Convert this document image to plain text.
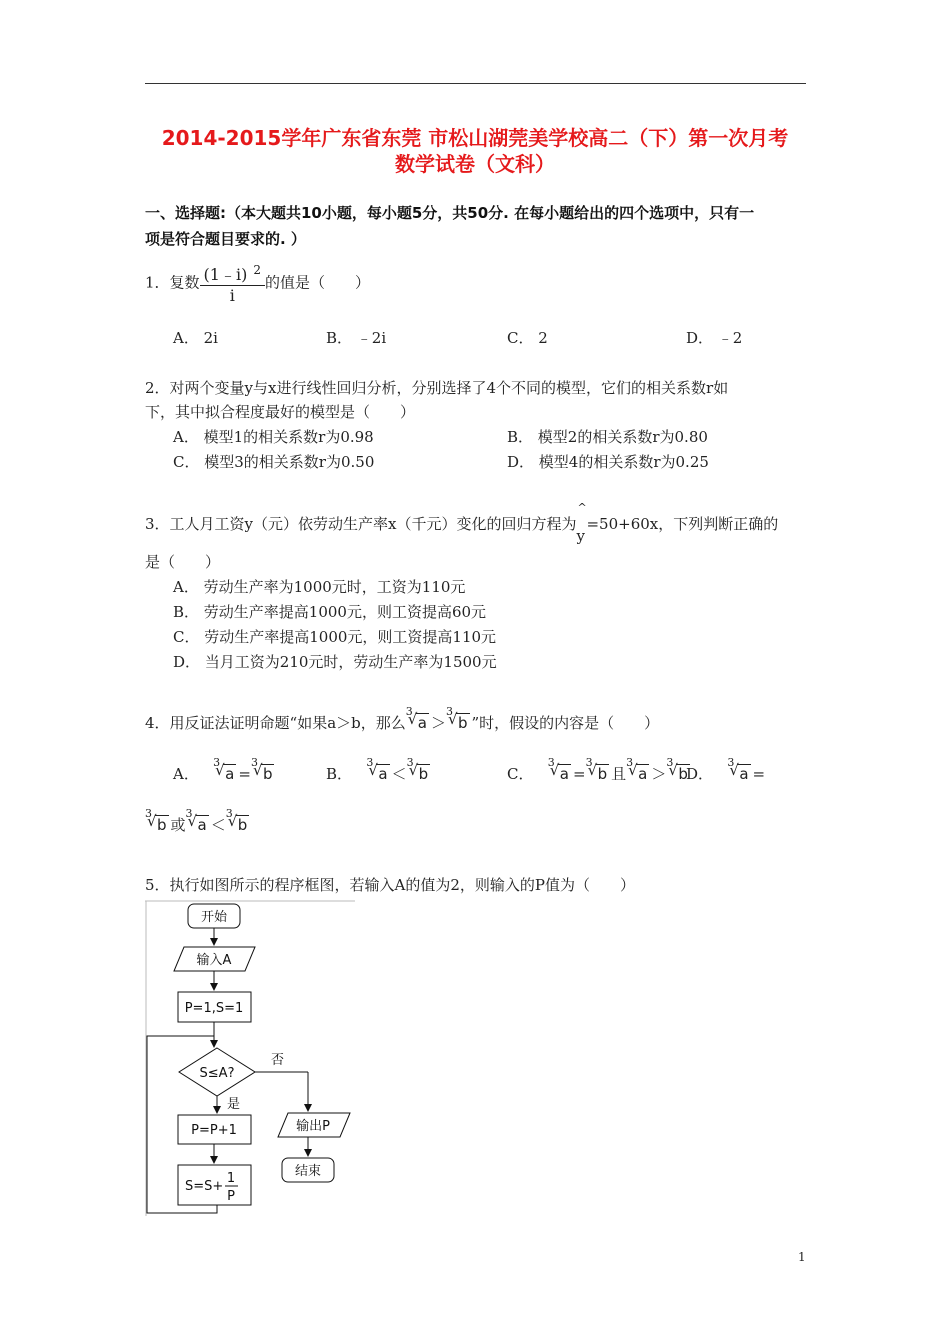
2014-2015学年广东省东莞 市松山湖莞美学校高二（下）第一次月考
数学试卷（文科）
一、选择题:（本大题共10小题，每小题5分，共50分. 在每小题给出的四个选项中，只有一
项是符合题目要求的. ）
1．复数 $\frac{(1﹣i) ^2}{i}$ 的值是（　　）
A． 2i	B． ﹣2i	C． 2	D． ﹣2
2．对两个变量y与x进行线性回归分析，分别选择了4个不同的模型，它们的相关系数r如
下，其中拟合程度最好的模型是（　　）
A． 模型1的相关系数r为0.98	B． 模型2的相关系数r为0.80
C． 模型3的相关系数r为0.50	D． 模型4的相关系数r为0.25
3．工人月工资y（元）依劳动生产率x（千元）变化的回归方程为
^
y=50+60x，下列判断正确的
是（　　）
A． 劳动生产率为1000元时，工资为110元
B． 劳动生产率提高1000元，则工资提高60元
C． 劳动生产率提高1000元，则工资提高110元
D． 当月工资为210元时，劳动生产率为1500元
4．用反证法证明命题“如果a＞b，那么
√ 3
a ＞
√ 3
b ”时，假设的内容是（　　）
A．
√ 3
a =
√ 3
b	B．
√ 3
a ＜
√ 3
b	C．
√ 3
a =
√ 3
b 且
√ 3
a ＞
√ 3
b
D．
√ 3
a =
√ 3
b 或
√ 3
a ＜
√ 3
b
5．执行如图所示的程序框图，若输入A的值为2，则输入的P值为（　　）
开始
输入A
P=1,S=1
S≤A?
否
是
P=P+1
S=S+
1
P
输出P
结束
1
